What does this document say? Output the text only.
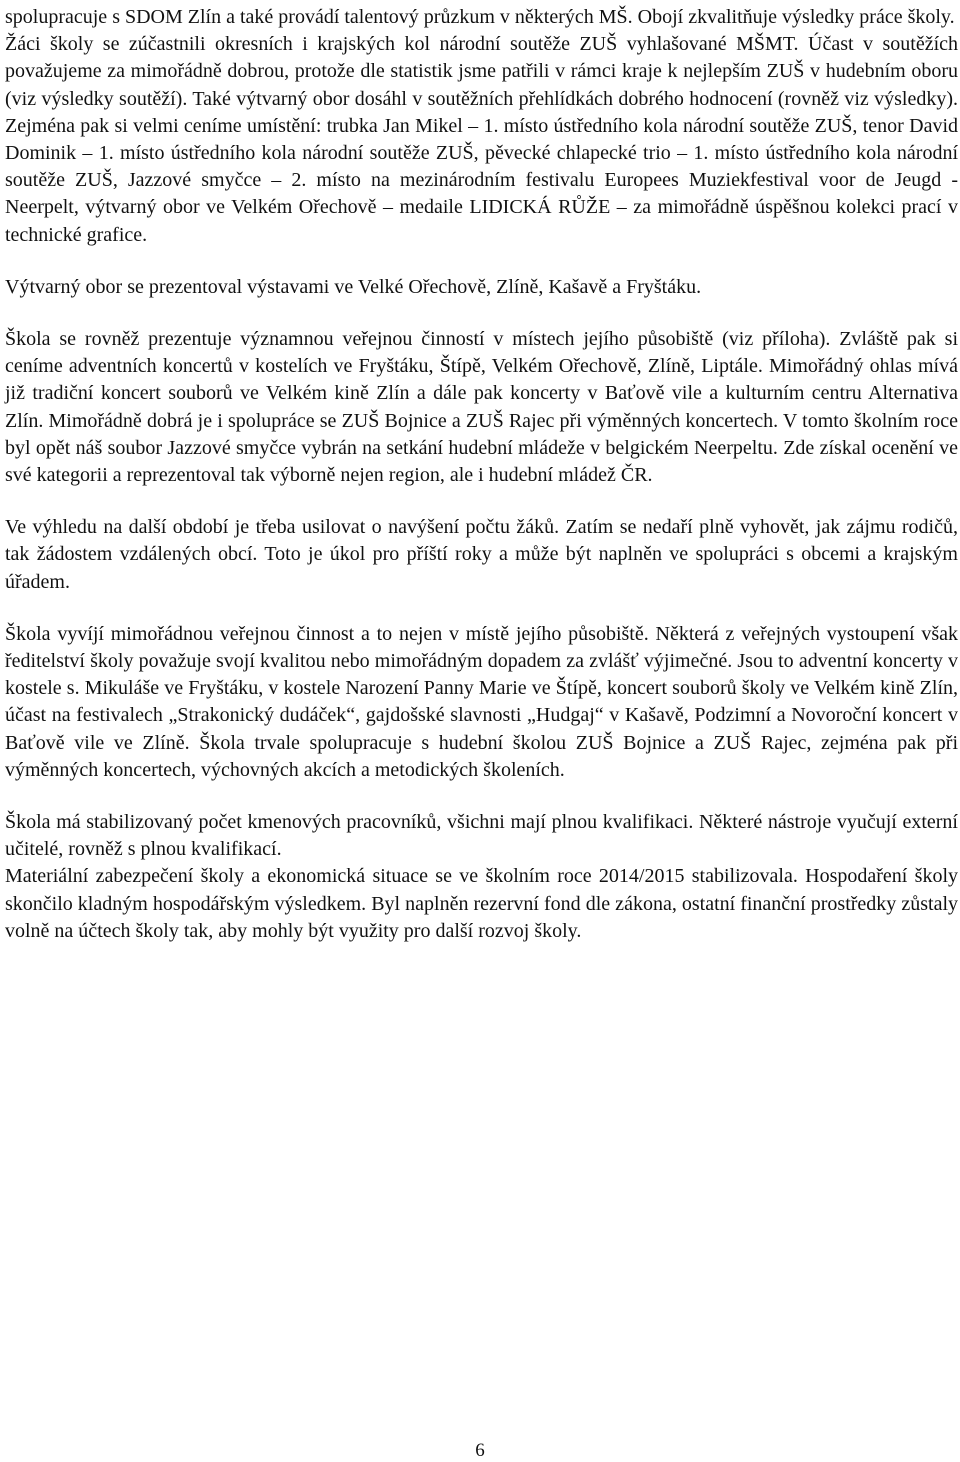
spolupracuje s SDOM Zlín a také provádí talentový průzkum v některých MŠ. Obojí zkvalitňuje výsledky práce školy.

Žáci školy se zúčastnili okresních i krajských kol národní soutěže ZUŠ vyhlašované MŠMT. Účast v soutěžích považujeme za mimořádně dobrou, protože dle statistik jsme patřili v rámci kraje k nejlepším ZUŠ v hudebním oboru (viz výsledky soutěží). Také výtvarný obor dosáhl v soutěžních přehlídkách dobrého hodnocení (rovněž viz výsledky). Zejména pak si velmi ceníme umístění: trubka Jan Mikel – 1. místo ústředního kola národní soutěže ZUŠ, tenor David Dominik – 1. místo ústředního kola národní soutěže ZUŠ, pěvecké chlapecké trio – 1. místo ústředního kola národní soutěže ZUŠ, Jazzové smyčce – 2. místo na mezinárodním festivalu Europees Muziekfestival voor de Jeugd - Neerpelt, výtvarný obor ve Velkém Ořechově – medaile LIDICKÁ RŮŽE – za mimořádně úspěšnou kolekci prací v technické grafice.

Výtvarný obor se prezentoval výstavami ve Velké Ořechově, Zlíně, Kašavě a Fryštáku.

Škola se rovněž prezentuje významnou veřejnou činností v místech jejího působiště (viz příloha). Zvláště pak si ceníme adventních koncertů v kostelích ve Fryštáku, Štípě, Velkém Ořechově, Zlíně, Liptále. Mimořádný ohlas mívá již tradiční koncert souborů ve Velkém kině Zlín a dále pak koncerty v Baťově vile a kulturním centru Alternativa Zlín. Mimořádně dobrá je i spolupráce se ZUŠ Bojnice a ZUŠ Rajec při výměnných koncertech. V tomto školním roce byl opět náš soubor Jazzové smyčce vybrán na setkání hudební mládeže v belgickém Neerpeltu. Zde získal ocenění ve své kategorii a reprezentoval tak výborně nejen region, ale i hudební mládež ČR.

Ve výhledu na další období je třeba usilovat o navýšení počtu žáků. Zatím se nedaří plně vyhovět, jak zájmu rodičů, tak žádostem vzdálených obcí. Toto je úkol pro příští roky a může být naplněn ve spolupráci s obcemi a krajským úřadem.

Škola vyvíjí mimořádnou veřejnou činnost a to nejen v místě jejího působiště. Některá z veřejných vystoupení však ředitelství školy považuje svojí kvalitou nebo mimořádným dopadem za zvlášť výjimečné. Jsou to adventní koncerty v kostele s. Mikuláše ve Fryštáku, v kostele Narození Panny Marie ve Štípě, koncert souborů školy ve Velkém kině Zlín, účast na festivalech „Strakonický dudáček“, gajdošské slavnosti „Hudgaj“ v Kašavě, Podzimní a Novoroční koncert v Baťově vile ve Zlíně. Škola trvale spolupracuje s hudební školou ZUŠ Bojnice a ZUŠ Rajec, zejména pak při výměnných koncertech, výchovných akcích a metodických školeních.

Škola má stabilizovaný počet kmenových pracovníků, všichni mají plnou kvalifikaci. Některé nástroje vyučují externí učitelé, rovněž s plnou kvalifikací.

Materiální zabezpečení školy a ekonomická situace se ve školním roce 2014/2015 stabilizovala. Hospodaření školy skončilo kladným hospodářským výsledkem. Byl naplněn rezervní fond dle zákona, ostatní finanční prostředky zůstaly volně na účtech školy tak, aby mohly být využity pro další rozvoj školy.

6
